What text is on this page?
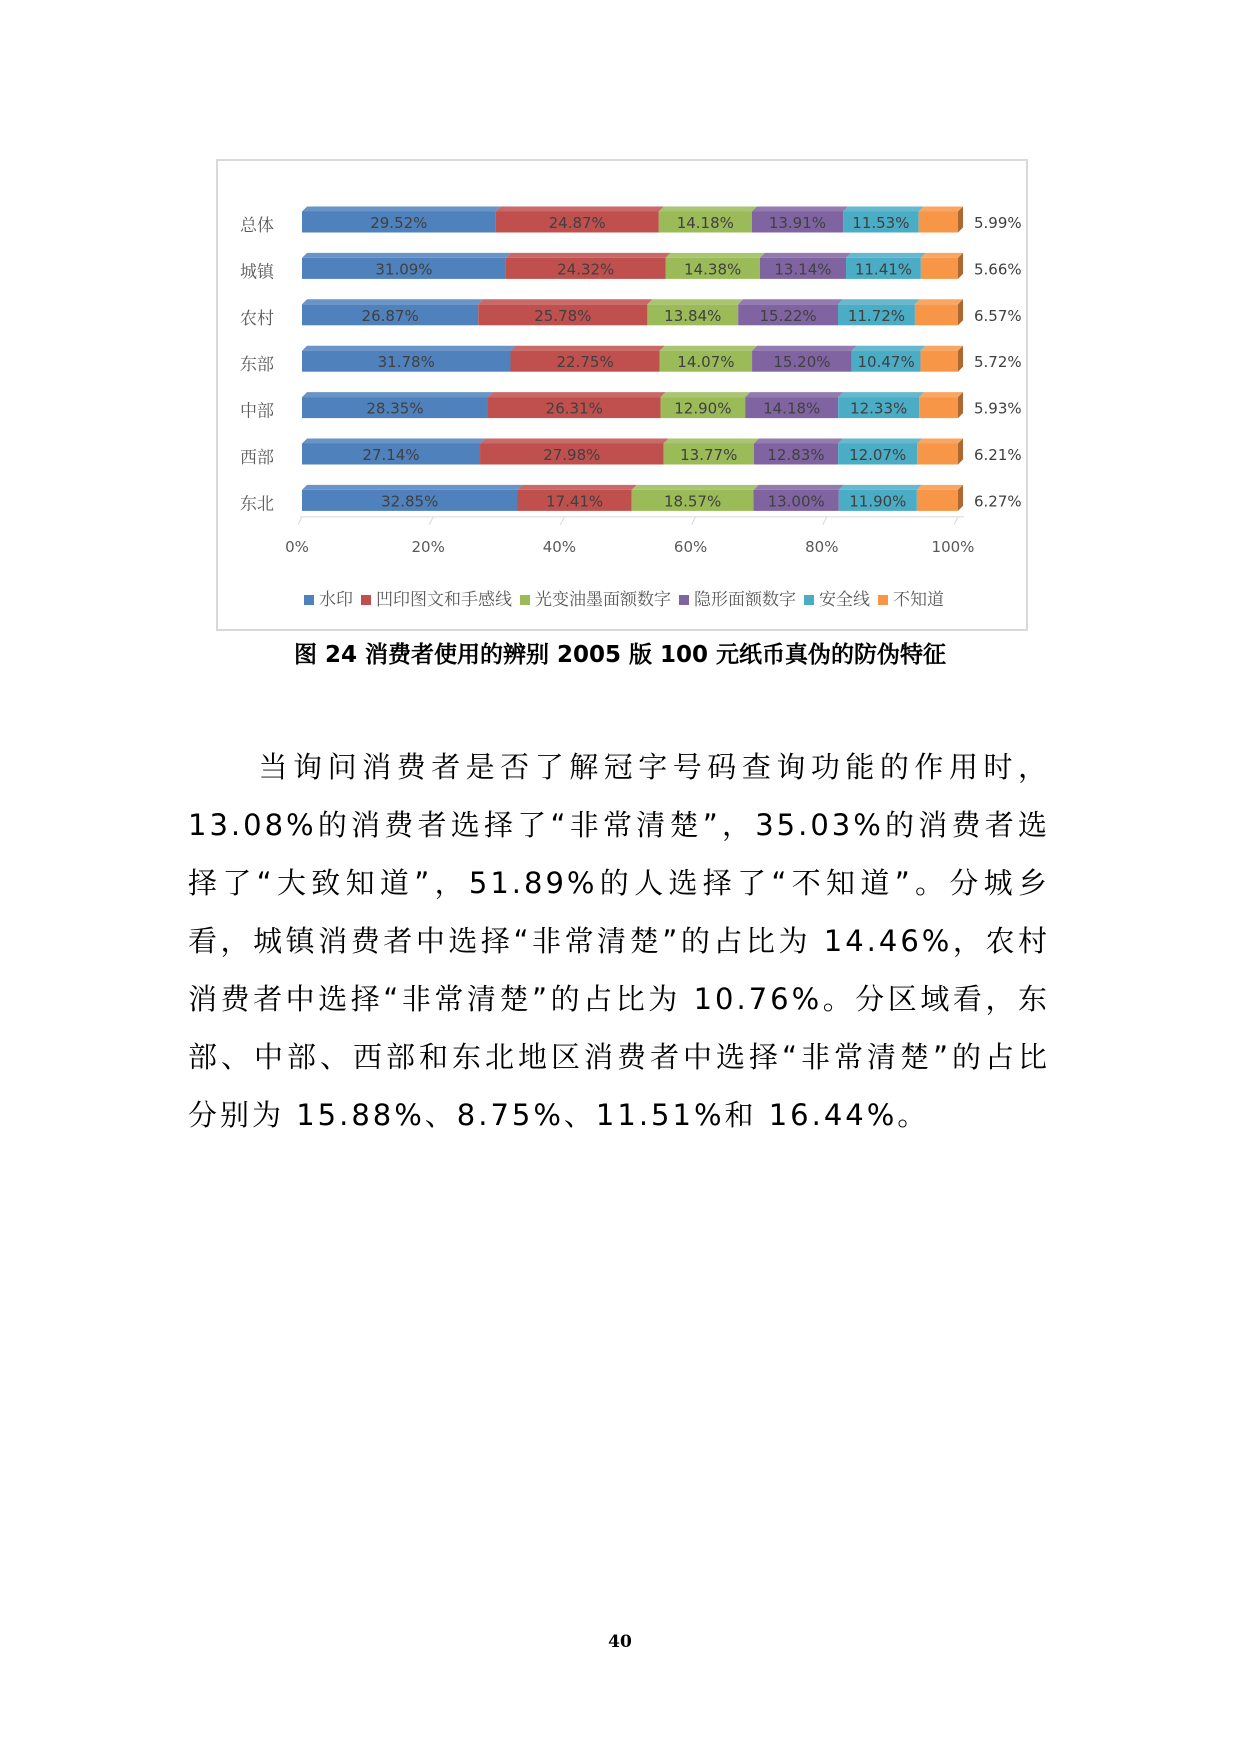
0%	20%	40%	60%	80%	100%
总体	29.52%	24.87%	14.18% 13.91% 11.53%	5.99%
城镇	31.09%	24.32%	14.38% 13.14% 11.41%	5.66%
农村	26.87%	25.78%	13.84%	15.22% 11.72%	6.57%
东部	31.78%	22.75%	14.07%	15.20% 10.47%	5.72%
中部	28.35%	26.31%	12.90% 14.18% 12.33%	5.93%
西部	27.14%	27.98%	13.77% 12.83% 12.07%	6.21%
东北	32.85%	17.41%	18.57%	13.00% 11.90%	6.27%
水印 凹印图文和手感线 光变油墨面额数字 隐形面额数字 安全线 不知道
图 24 消费者使用的辨别 2005 版 100 元纸币真伪的防伪特征
当询问消费者是否了解冠字号码查询功能的作用时，13.08%的消费者选择了“非常清楚”，35.03%的消费者选择了“大致知道”，51.89%的人选择了“不知道”。分城乡看，城镇消费者中选择“非常清楚”的占比为 14.46%，农村消费者中选择“非常清楚”的占比为 10.76%。分区域看，东部、中部、西部和东北地区消费者中选择“非常清楚”的占比分别为 15.88%、8.75%、11.51%和 16.44%。
40
